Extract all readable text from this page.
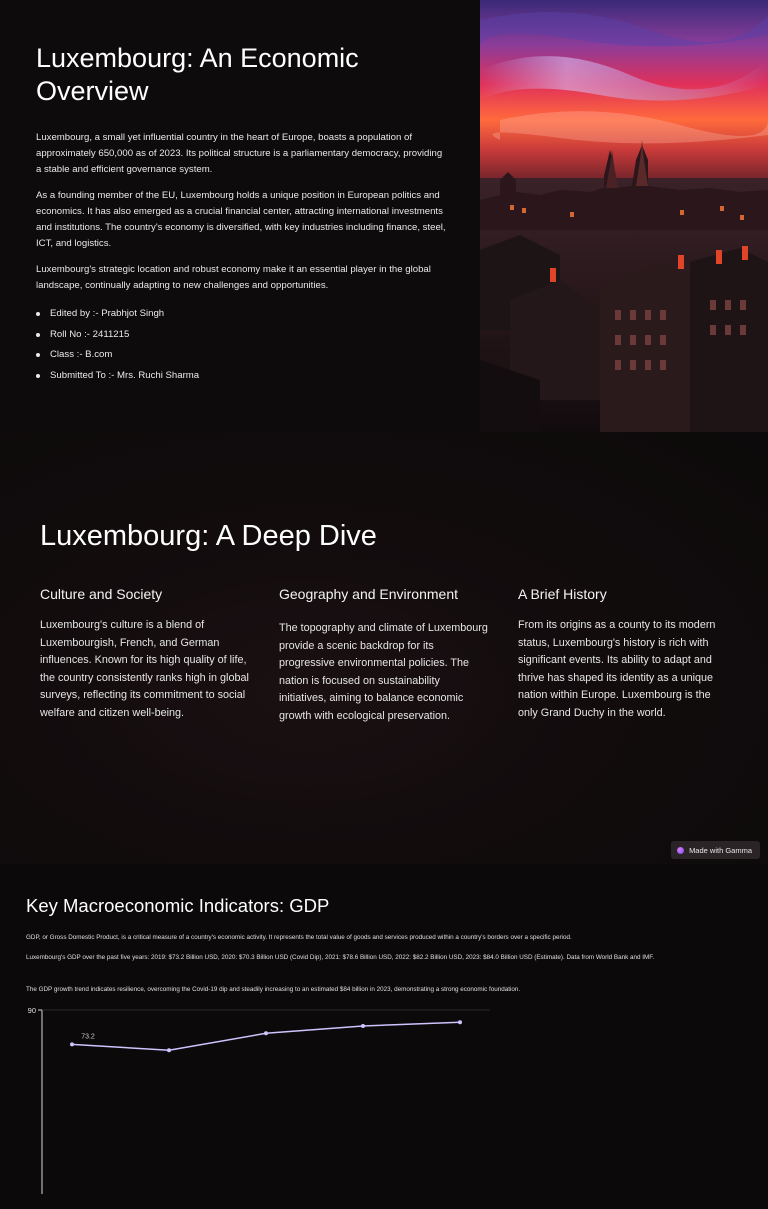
Luxembourg: An Economic Overview

Luxembourg, a small yet influential country in the heart of Europe, boasts a population of approximately 650,000 as of 2023. Its political structure is a parliamentary democracy, providing a stable and efficient governance system.

As a founding member of the EU, Luxembourg holds a unique position in European politics and economics. It has also emerged as a crucial financial center, attracting international investments and institutions. The country's economy is diversified, with key industries including finance, steel, ICT, and logistics.

Luxembourg's strategic location and robust economy make it an essential player in the global landscape, continually adapting to new challenges and opportunities.

Edited by :- Prabhjot Singh
Roll No :- 2411215
Class :- B.com
Submitted To :- Mrs. Ruchi Sharma
Luxembourg: A Deep Dive
Culture and Society

Luxembourg's culture is a blend of Luxembourgish, French, and German influences. Known for its high quality of life, the country consistently ranks high in global surveys, reflecting its commitment to social welfare and citizen well-being.

Geography and Environment

The topography and climate of Luxembourg provide a scenic backdrop for its progressive environmental policies. The nation is focused on sustainability initiatives, aiming to balance economic growth with ecological preservation.

A Brief History

From its origins as a county to its modern status, Luxembourg's history is rich with significant events. Its ability to adapt and thrive has shaped its identity as a unique nation within Europe. Luxembourg is the only Grand Duchy in the world.

Made with Gamma
Key Macroeconomic Indicators: GDP

GDP, or Gross Domestic Product, is a critical measure of a country's economic activity. It represents the total value of goods and services produced within a country's borders over a specific period.

Luxembourg's GDP over the past five years: 2019: $73.2 Billion USD, 2020: $70.3 Billion USD (Covid Dip), 2021: $78.6 Billion USD, 2022: $82.2 Billion USD, 2023: $84.0 Billion USD (Estimate). Data from World Bank and IMF.

The GDP growth trend indicates resilience, overcoming the Covid-19 dip and steadily increasing to an estimated $84 billion in 2023, demonstrating a strong economic foundation.

90
73.2
